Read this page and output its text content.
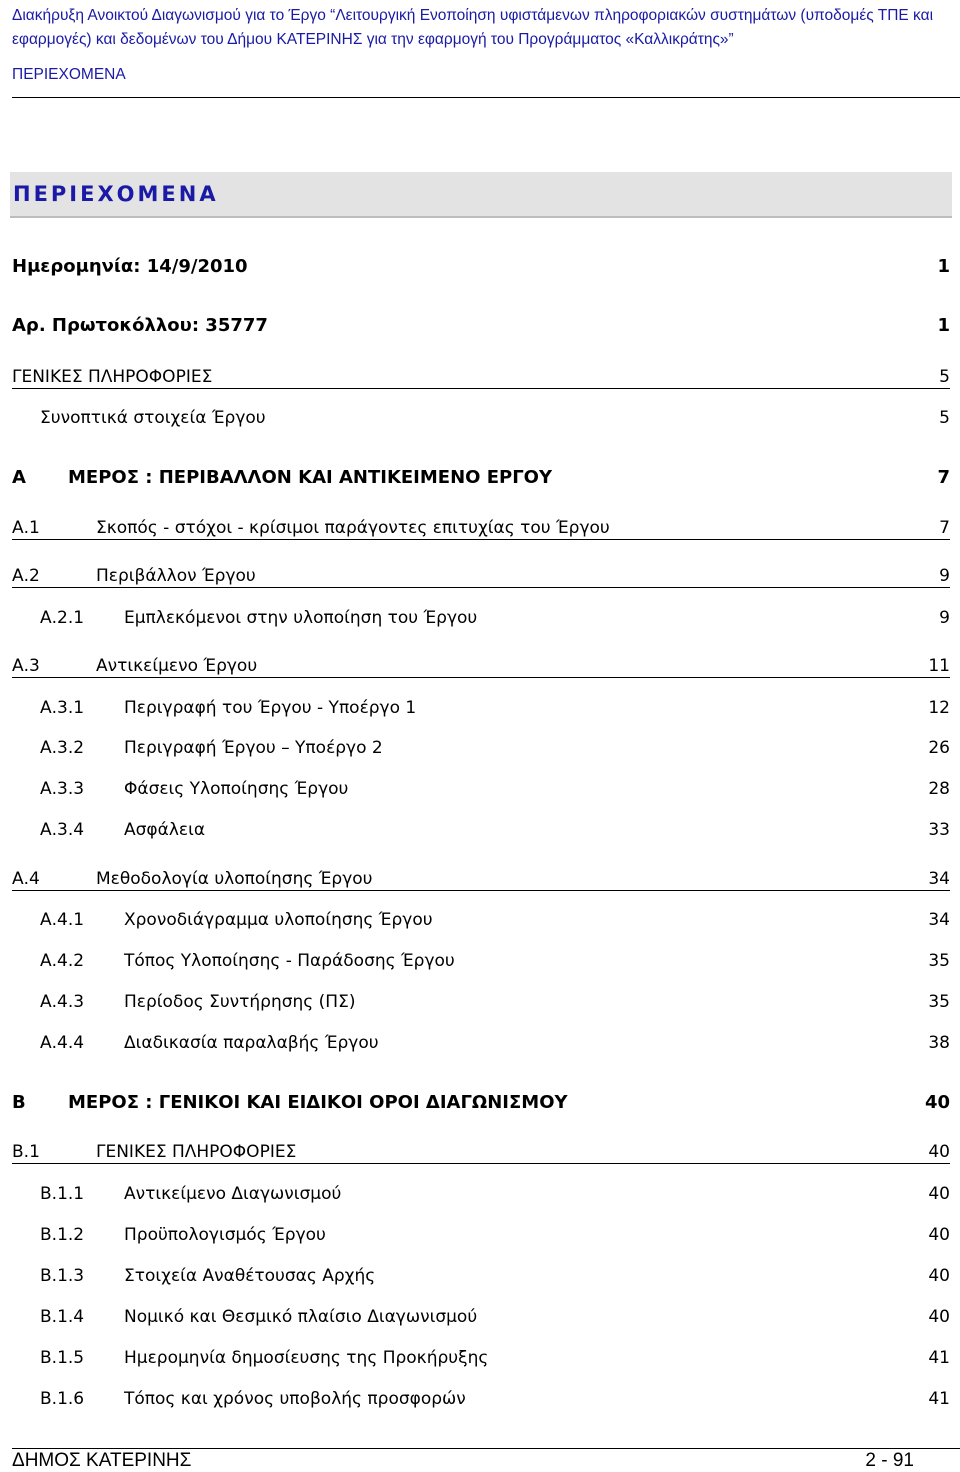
Διακήρυξη Ανοικτού Διαγωνισμού για το Έργο “Λειτουργική Ενοποίηση υφιστάμενων πληροφοριακών συστημάτων (υποδομές ΤΠΕ και
εφαρμογές) και δεδομένων του Δήμου ΚΑΤΕΡΙΝΗΣ για την εφαρμογή του Προγράμματος «Καλλικράτης»”
ΠΕΡΙΕΧΟΜΕΝΑ
ΠΕΡΙΕΧΟΜΕΝΑ
Ημερομηνία: 14/9/2010	1
Αρ. Πρωτοκόλλου: 35777	1
ΓΕΝΙΚΕΣ ΠΛΗΡΟΦΟΡΙΕΣ	5
Συνοπτικά στοιχεία Έργου	5
Α ΜΕΡΟΣ : ΠΕΡΙΒΑΛΛΟΝ ΚΑΙ ΑΝΤΙΚΕΙΜΕΝΟ ΕΡΓΟΥ	7
Α.1	Σκοπός - στόχοι - κρίσιμοι παράγοντες επιτυχίας του Έργου	7
Α.2	Περιβάλλον Έργου	9
Α.2.1 Εμπλεκόμενοι στην υλοποίηση του Έργου	9
Α.3	Αντικείμενο Έργου	11
Α.3.1 Περιγραφή του Έργου - Υποέργο 1	12
Α.3.2 Περιγραφή Έργου – Υποέργο 2	26
Α.3.3 Φάσεις Υλοποίησης Έργου	28
Α.3.4 Ασφάλεια	33
Α.4	Μεθοδολογία υλοποίησης Έργου	34
Α.4.1 Χρονοδιάγραμμα υλοποίησης Έργου	34
Α.4.2 Τόπος Υλοποίησης - Παράδοσης Έργου	35
Α.4.3 Περίοδος Συντήρησης (ΠΣ)	35
Α.4.4 Διαδικασία παραλαβής Έργου	38
Β ΜΕΡΟΣ : ΓΕΝΙΚΟΙ ΚΑΙ ΕΙΔΙΚΟΙ ΟΡΟΙ ΔΙΑΓΩΝΙΣΜΟΥ	40
Β.1	ΓΕΝΙΚΕΣ ΠΛΗΡΟΦΟΡΙΕΣ	40
Β.1.1 Αντικείμενο Διαγωνισμού	40
Β.1.2 Προϋπολογισμός Έργου	40
Β.1.3 Στοιχεία Αναθέτουσας Αρχής	40
Β.1.4 Νομικό και Θεσμικό πλαίσιο Διαγωνισμού	40
Β.1.5 Ημερομηνία δημοσίευσης της Προκήρυξης	41
Β.1.6 Τόπος και χρόνος υποβολής προσφορών	41
ΔΗΜΟΣ ΚΑΤΕΡΙΝΗΣ	2 - 91
